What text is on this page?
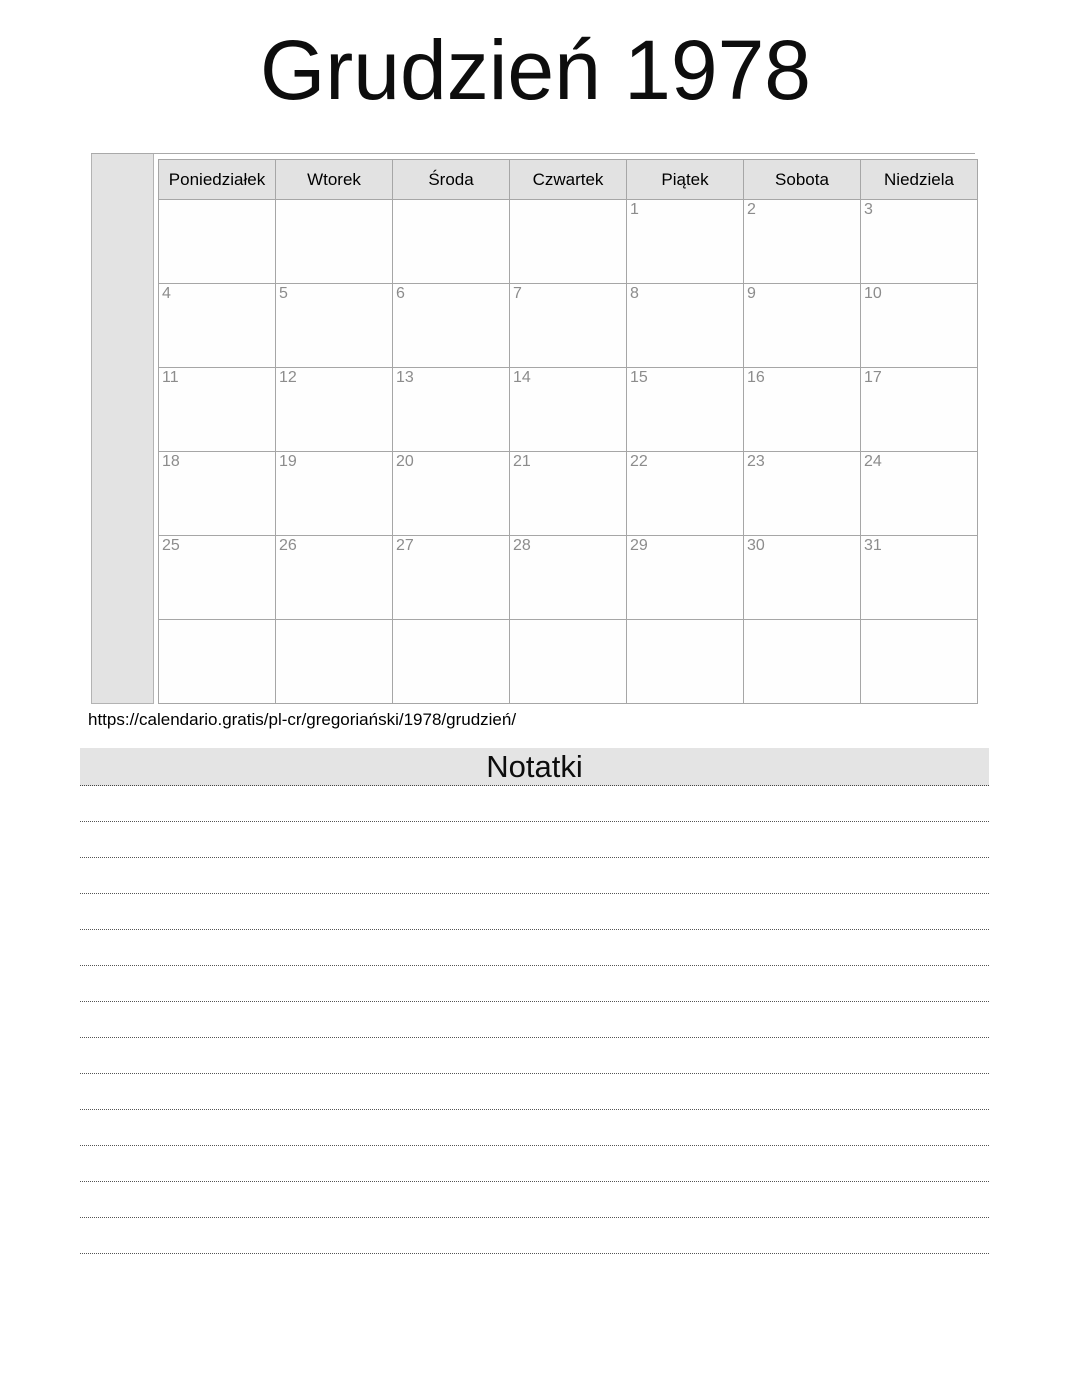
Grudzień 1978
Poniedziałek	Wtorek	Środa	Czwartek	Piątek	Sobota	Niedziela
				1	2	3
4	5	6	7	8	9	10
11	12	13	14	15	16	17
18	19	20	21	22	23	24
25	26	27	28	29	30	31

https://calendario.gratis/pl-cr/gregoriański/1978/grudzień/
Notatki
